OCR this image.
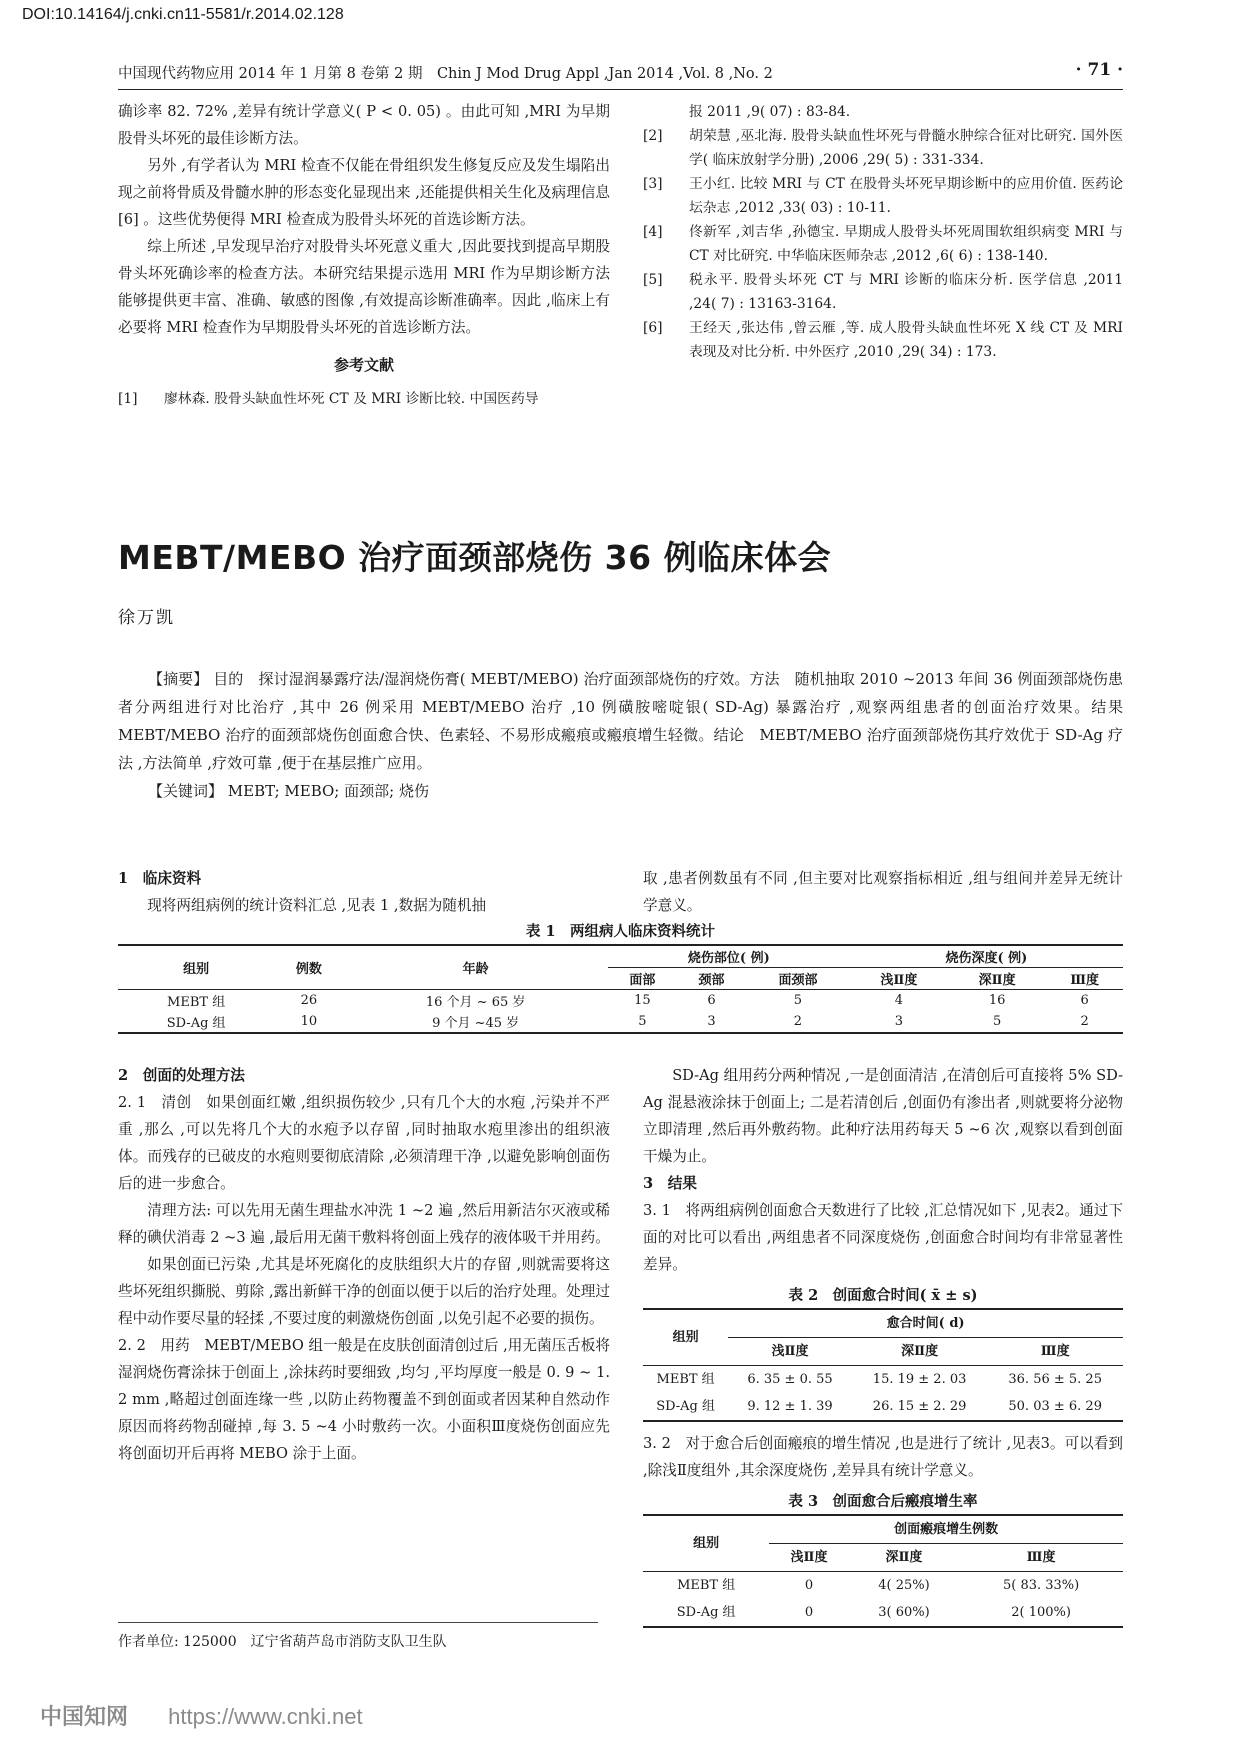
DOI:10.14164/j.cnki.cn11-5581/r.2014.02.128
中国现代药物应用 2014 年 1 月第 8 卷第 2 期　Chin J Mod Drug Appl ,Jan 2014 ,Vol. 8 ,No. 2	· 71 ·

确诊率 82. 72% ,差异有统计学意义( P < 0. 05) 。由此可知 ,MRI 为早期股骨头坏死的最佳诊断方法。

另外 ,有学者认为 MRI 检查不仅能在骨组织发生修复反应及发生塌陷出现之前将骨质及骨髓水肿的形态变化显现出来 ,还能提供相关生化及病理信息[6] 。这些优势便得 MRI 检查成为股骨头坏死的首选诊断方法。

综上所述 ,早发现早治疗对股骨头坏死意义重大 ,因此要找到提高早期股骨头坏死确诊率的检查方法。本研究结果提示选用 MRI 作为早期诊断方法能够提供更丰富、准确、敏感的图像 ,有效提高诊断准确率。因此 ,临床上有必要将 MRI 检查作为早期股骨头坏死的首选诊断方法。

参考文献
[1]	廖林森. 股骨头缺血性坏死 CT 及 MRI 诊断比较. 中国医药导
报 2011 ,9( 07) : 83-84.
[2]	胡荣慧 ,巫北海. 股骨头缺血性坏死与骨髓水肿综合征对比研究. 国外医学( 临床放射学分册) ,2006 ,29( 5) : 331-334.
[3]	王小红. 比较 MRI 与 CT 在股骨头坏死早期诊断中的应用价值. 医药论坛杂志 ,2012 ,33( 03) : 10-11.
[4]	佟新军 ,刘吉华 ,孙德宝. 早期成人股骨头坏死周围软组织病变 MRI 与 CT 对比研究. 中华临床医师杂志 ,2012 ,6( 6) : 138-140.
[5]	税永平. 股骨头坏死 CT 与 MRI 诊断的临床分析. 医学信息 ,2011 ,24( 7) : 13163-3164.
[6]	王经天 ,张达伟 ,曾云雁 ,等. 成人股骨头缺血性坏死 X 线 CT 及 MRI 表现及对比分析. 中外医疗 ,2010 ,29( 34) : 173.
MEBT/MEBO 治疗面颈部烧伤 36 例临床体会
徐万凯

【摘要】 目的　探讨湿润暴露疗法/湿润烧伤膏( MEBT/MEBO) 治疗面颈部烧伤的疗效。方法　随机抽取 2010 ~2013 年间 36 例面颈部烧伤患者分两组进行对比治疗 ,其中 26 例采用 MEBT/MEBO 治疗 ,10 例磺胺嘧啶银( SD-Ag) 暴露治疗 ,观察两组患者的创面治疗效果。结果　MEBT/MEBO 治疗的面颈部烧伤创面愈合快、色素轻、不易形成瘢痕或瘢痕增生轻微。结论　MEBT/MEBO 治疗面颈部烧伤其疗效优于 SD-Ag 疗法 ,方法简单 ,疗效可靠 ,便于在基层推广应用。

【关键词】 MEBT; MEBO; 面颈部; 烧伤

1　临床资料

现将两组病例的统计资料汇总 ,见表 1 ,数据为随机抽

取 ,患者例数虽有不同 ,但主要对比观察指标相近 ,组与组间并差异无统计学意义。

表 1　两组病人临床资料统计
组别	例数	年龄	烧伤部位( 例)			烧伤深度( 例)		
			面部	颈部	面颈部	浅Ⅱ度	深Ⅱ度	Ⅲ度
MEBT 组	26	16 个月 ~ 65 岁	15	6	5	4	16	6
SD-Ag 组	10	9 个月 ~45 岁	5	3	2	3	5	2

2　创面的处理方法

2. 1　清创　如果创面红嫩 ,组织损伤较少 ,只有几个大的水疱 ,污染并不严重 ,那么 ,可以先将几个大的水疱予以存留 ,同时抽取水疱里渗出的组织液体。而残存的已破皮的水疱则要彻底清除 ,必须清理干净 ,以避免影响创面伤后的进一步愈合。

清理方法: 可以先用无菌生理盐水冲洗 1 ~2 遍 ,然后用新洁尔灭液或稀释的碘伏消毒 2 ~3 遍 ,最后用无菌干敷料将创面上残存的液体吸干并用药。

如果创面已污染 ,尤其是坏死腐化的皮肤组织大片的存留 ,则就需要将这些坏死组织撕脱、剪除 ,露出新鲜干净的创面以便于以后的治疗处理。处理过程中动作要尽量的轻揉 ,不要过度的刺激烧伤创面 ,以免引起不必要的损伤。

2. 2　用药　MEBT/MEBO 组一般是在皮肤创面清创过后 ,用无菌压舌板将湿润烧伤膏涂抹于创面上 ,涂抹药时要细致 ,均匀 ,平均厚度一般是 0. 9 ~ 1. 2 mm ,略超过创面连缘一些 ,以防止药物覆盖不到创面或者因某种自然动作原因而将药物刮碰掉 ,每 3. 5 ~4 小时敷药一次。小面积Ⅲ度烧伤创面应先将创面切开后再将 MEBO 涂于上面。

SD-Ag 组用药分两种情况 ,一是创面清洁 ,在清创后可直接将 5% SD-Ag 混悬液涂抹于创面上; 二是若清创后 ,创面仍有渗出者 ,则就要将分泌物立即清理 ,然后再外敷药物。此种疗法用药每天 5 ~6 次 ,观察以看到创面干燥为止。

3　结果

3. 1　将两组病例创面愈合天数进行了比较 ,汇总情况如下 ,见表2。通过下面的对比可以看出 ,两组患者不同深度烧伤 ,创面愈合时间均有非常显著性差异。

表 2　创面愈合时间( x̄ ± s)
组别	愈合时间( d)		
	浅Ⅱ度	深Ⅱ度	Ⅲ度
MEBT 组	6. 35 ± 0. 55	15. 19 ± 2. 03	36. 56 ± 5. 25
SD-Ag 组	9. 12 ± 1. 39	26. 15 ± 2. 29	50. 03 ± 6. 29

3. 2　对于愈合后创面瘢痕的增生情况 ,也是进行了统计 ,见表3。可以看到 ,除浅Ⅱ度组外 ,其余深度烧伤 ,差异具有统计学意义。

表 3　创面愈合后瘢痕增生率
组别	创面瘢痕增生例数		
	浅Ⅱ度	深Ⅱ度	Ⅲ度
MEBT 组	0	4( 25%)	5( 83. 33%)
SD-Ag 组	0	3( 60%)	2( 100%)
作者单位: 125000　辽宁省葫芦岛市消防支队卫生队
中国知网 https://www.cnki.net
